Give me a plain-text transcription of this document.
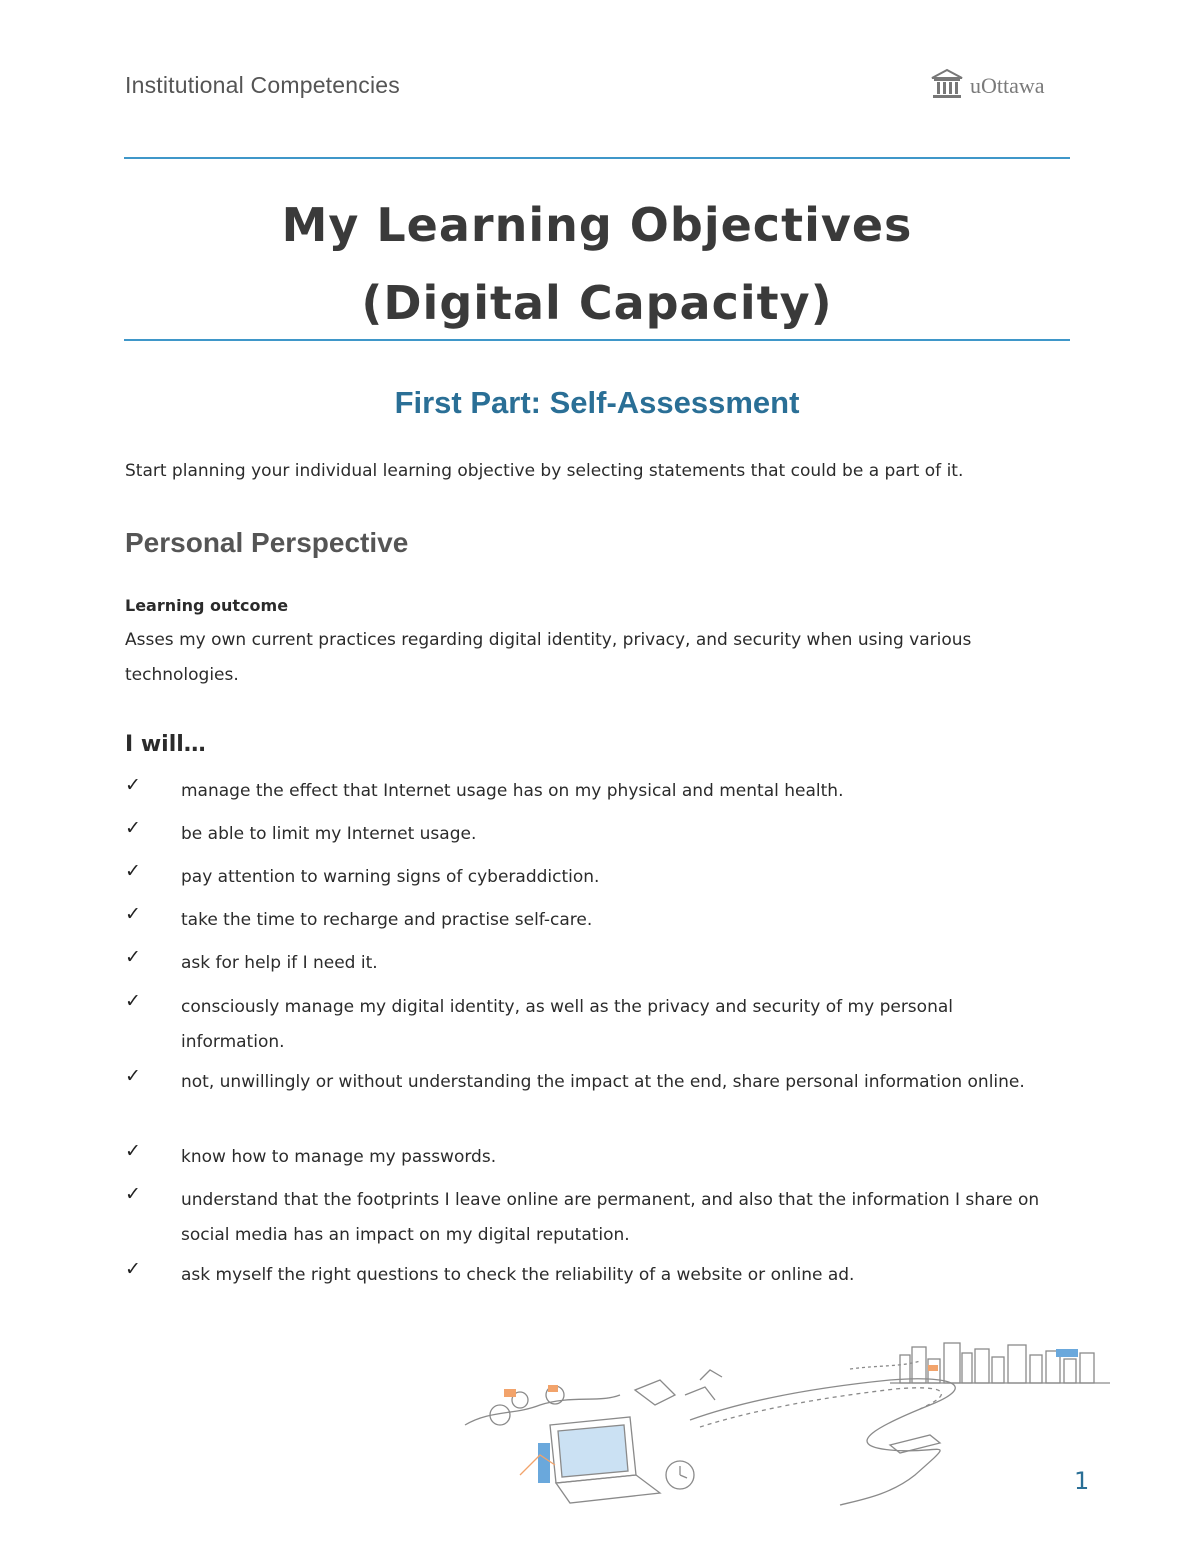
Institutional Competencies	uOttawa
My Learning Objectives
(Digital Capacity)
First Part: Self-Assessment
Start planning your individual learning objective by selecting statements that could be a part of it.
Personal Perspective
Learning outcome
Asses my own current practices regarding digital identity, privacy, and security when using various technologies.
I will…
✓ manage the effect that Internet usage has on my physical and mental health.
✓ be able to limit my Internet usage.
✓ pay attention to warning signs of cyberaddiction.
✓ take the time to recharge and practise self-care.
✓ ask for help if I need it.
✓ consciously manage my digital identity, as well as the privacy and security of my personal information.
✓ not, unwillingly or without understanding the impact at the end, share personal information online.
✓ know how to manage my passwords.
✓ understand that the footprints I leave online are permanent, and also that the information I share on social media has an impact on my digital reputation.
✓ ask myself the right questions to check the reliability of a website or online ad.
1
